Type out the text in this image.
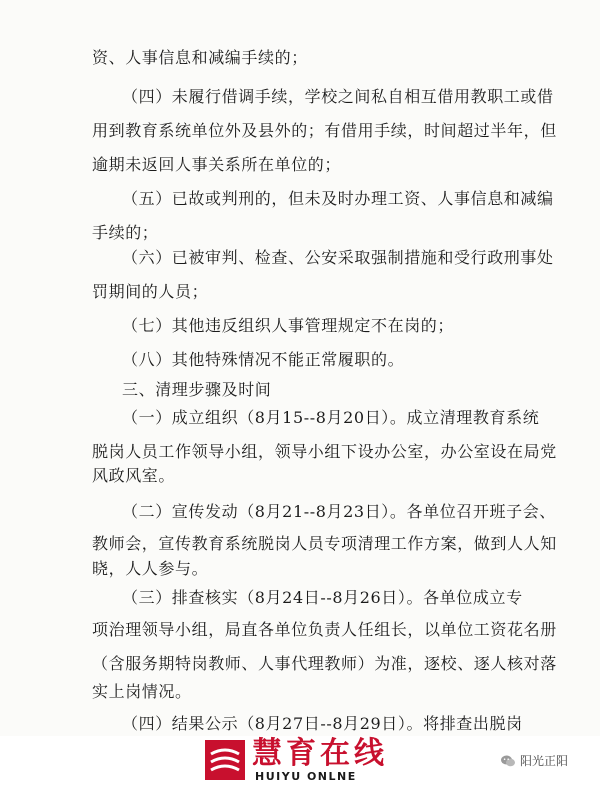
资、人事信息和减编手续的；
（四）未履行借调手续，学校之间私自相互借用教职工或借
用到教育系统单位外及县外的；有借用手续，时间超过半年，但
逾期未返回人事关系所在单位的；
（五）已故或判刑的，但未及时办理工资、人事信息和减编
手续的；
（六）已被审判、检查、公安采取强制措施和受行政刑事处
罚期间的人员；
（七）其他违反组织人事管理规定不在岗的；
（八）其他特殊情况不能正常履职的。
三、清理步骤及时间
（一）成立组织（8月15--8月20日）。成立清理教育系统
脱岗人员工作领导小组，领导小组下设办公室，办公室设在局党
风政风室。
（二）宣传发动（8月21--8月23日）。各单位召开班子会、
教师会，宣传教育系统脱岗人员专项清理工作方案，做到人人知
晓，人人参与。
（三）排查核实（8月24日--8月26日）。各单位成立专
项治理领导小组，局直各单位负责人任组长，以单位工资花名册
（含服务期特岗教师、人事代理教师）为准，逐校、逐人核对落
实上岗情况。
（四）结果公示（8月27日--8月29日）。将排查出脱岗
慧育在线
HUIYU ONLNE
阳光正阳
